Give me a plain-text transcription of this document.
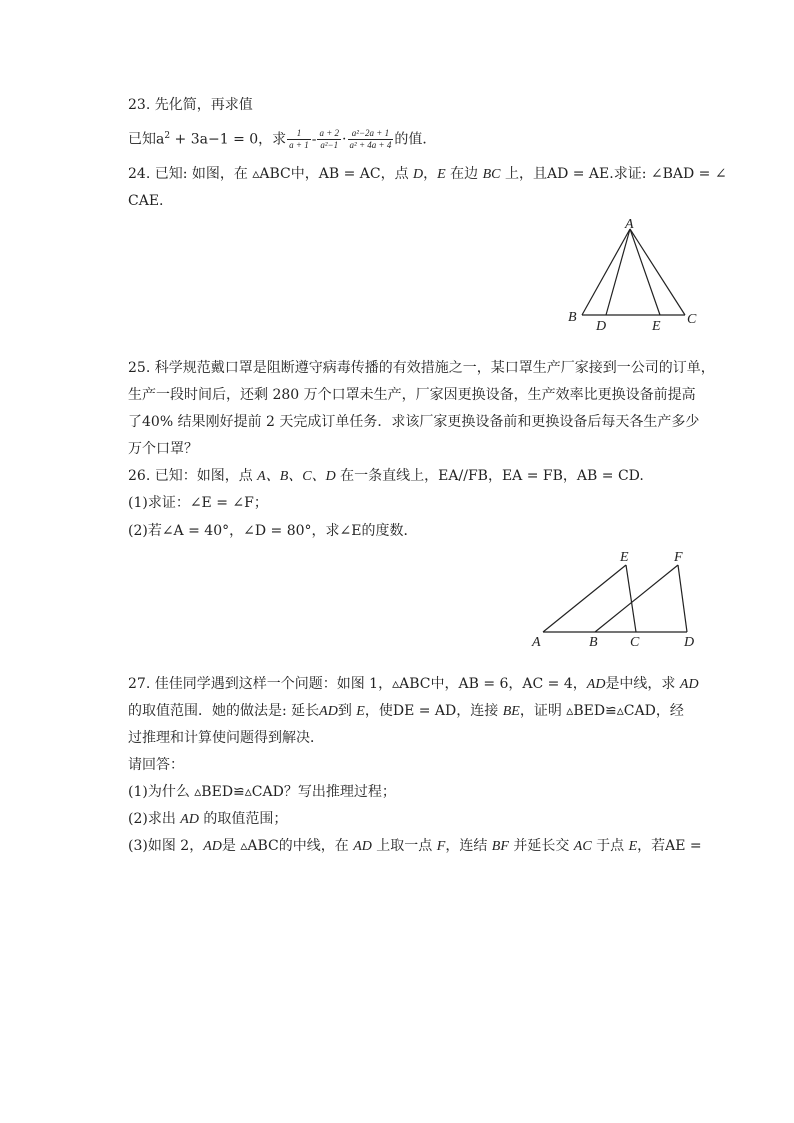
23. 先化简，再求值
已知$a^2 + 3a-1 = 0$，求 $\frac{1}{a + 1} - \frac{a + 2}{\text{a²−1}} \cdot \frac{\text{a²−2a + 1}}{\text{a² + 4a + 4}}$ 的值．
24. 已知: 如图，在 ▵ABC中，AB = AC，点 D，E 在边 BC 上，且AD = AE.求证: ∠BAD = ∠
CAE.
A
B
D	E C
25. 科学规范戴口罩是阻断遵守病毒传播的有效措施之一，某口罩生产厂家接到一公司的订单，
生产一段时间后，还剩 280 万个口罩未生产，厂家因更换设备，生产效率比更换设备前提高
了40% 结果刚好提前 2 天完成订单任务．求该厂家更换设备前和更换设备后每天各生产多少
万个口罩？
26. 已知：如图，点 A、B、C、D 在一条直线上，EA//FB，EA = FB，AB = CD.
(1)求证：∠E = ∠F；
(2)若∠A = 40°，∠D = 80°，求∠E的度数．
E	F
A	B C	D
27. 佳佳同学遇到这样一个问题：如图 1，▵ABC中，AB = 6，AC = 4，AD是中线，求 AD
的取值范围．她的做法是: 延长AD到 E，使DE = AD，连接 BE，证明 ▵BED≌▵CAD，经
过推理和计算使问题得到解决．
请回答：
(1)为什么 ▵BED≌▵CAD？写出推理过程；
(2)求出 AD 的取值范围；
(3)如图 2，AD是 ▵ABC的中线，在 AD 上取一点 F，连结 BF 并延长交 AC 于点 E，若AE =
